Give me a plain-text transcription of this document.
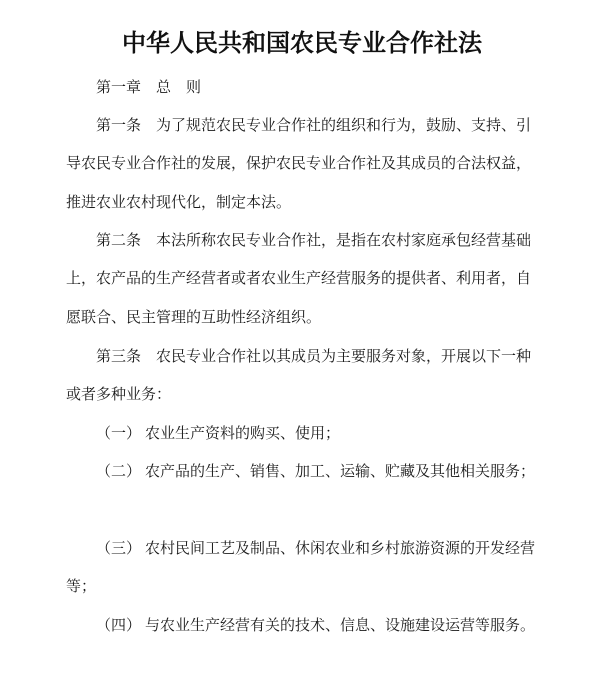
中华人民共和国农民专业合作社法
第一章　总　则

第一条 为了规范农民专业合作社的组织和行为，鼓励、支持、引导农民专业合作社的发展，保护农民专业合作社及其成员的合法权益，推进农业农村现代化，制定本法。

第二条 本法所称农民专业合作社，是指在农村家庭承包经营基础上，农产品的生产经营者或者农业生产经营服务的提供者、利用者，自愿联合、民主管理的互助性经济组织。

第三条 农民专业合作社以其成员为主要服务对象，开展以下一种或者多种业务：

（一） 农业生产资料的购买、使用；

（二） 农产品的生产、销售、加工、运输、贮藏及其他相关服务；

（三） 农村民间工艺及制品、休闲农业和乡村旅游资源的开发经营等；

（四） 与农业生产经营有关的技术、信息、设施建设运营等服务。
